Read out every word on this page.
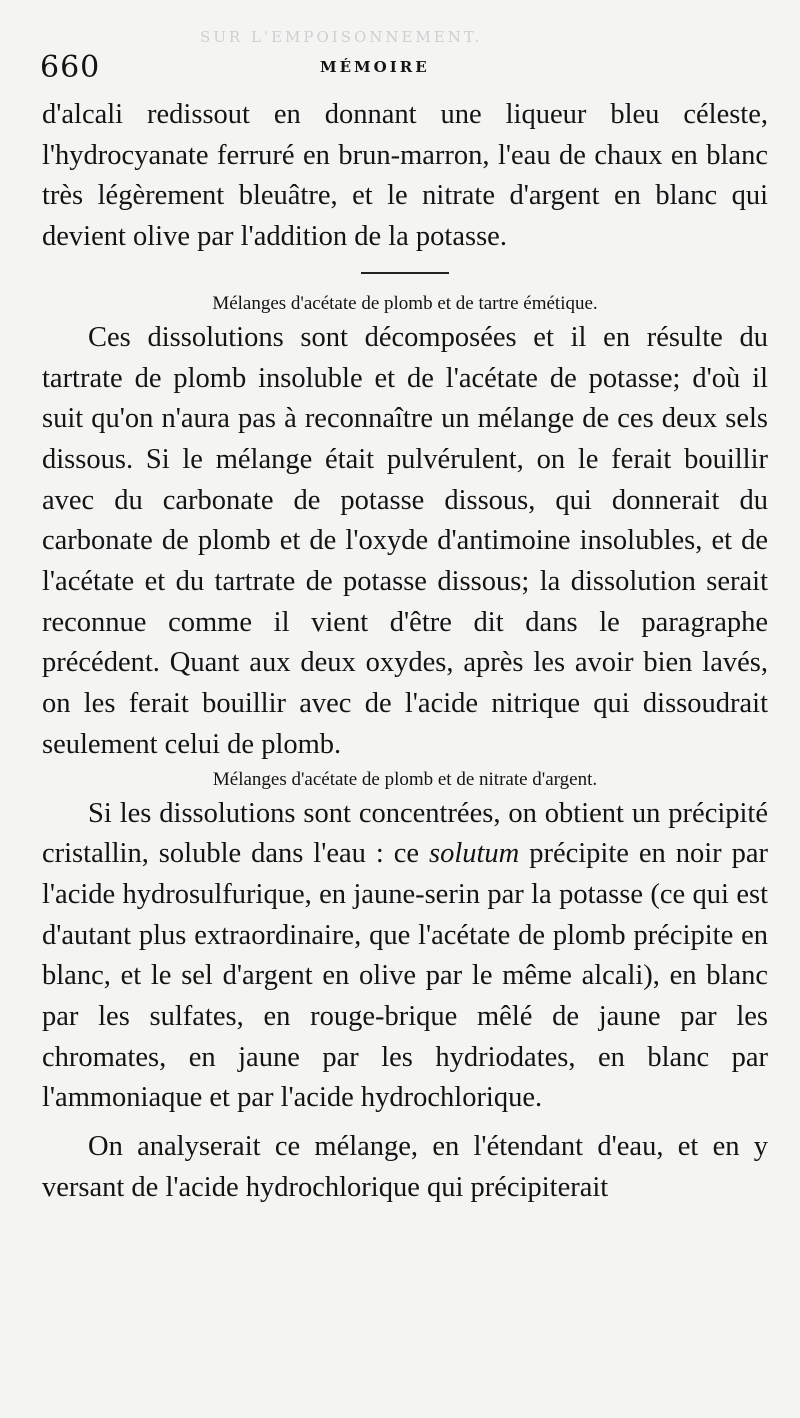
SUR L'EMPOISONNEMENT.
660	MÉMOIRE

d'alcali redissout en donnant une liqueur bleu céleste, l'hydrocyanate ferruré en brun-marron, l'eau de chaux en blanc très légèrement bleuâtre, et le nitrate d'argent en blanc qui devient olive par l'addition de la potasse.

Mélanges d'acétate de plomb et de tartre émétique.

Ces dissolutions sont décomposées et il en résulte du tartrate de plomb insoluble et de l'acétate de potasse; d'où il suit qu'on n'aura pas à reconnaître un mélange de ces deux sels dissous. Si le mélange était pulvérulent, on le ferait bouillir avec du carbonate de potasse dissous, qui donnerait du carbonate de plomb et de l'oxyde d'antimoine insolubles, et de l'acétate et du tartrate de potasse dissous; la dissolution serait reconnue comme il vient d'être dit dans le paragraphe précédent. Quant aux deux oxydes, après les avoir bien lavés, on les ferait bouillir avec de l'acide nitrique qui dissoudrait seulement celui de plomb.

Mélanges d'acétate de plomb et de nitrate d'argent.

Si les dissolutions sont concentrées, on obtient un précipité cristallin, soluble dans l'eau : ce solutum précipite en noir par l'acide hydrosulfurique, en jaune-serin par la potasse (ce qui est d'autant plus extraordinaire, que l'acétate de plomb précipite en blanc, et le sel d'argent en olive par le même alcali), en blanc par les sulfates, en rouge-brique mêlé de jaune par les chromates, en jaune par les hydriodates, en blanc par l'ammoniaque et par l'acide hydrochlorique.

On analyserait ce mélange, en l'étendant d'eau, et en y versant de l'acide hydrochlorique qui précipiterait
